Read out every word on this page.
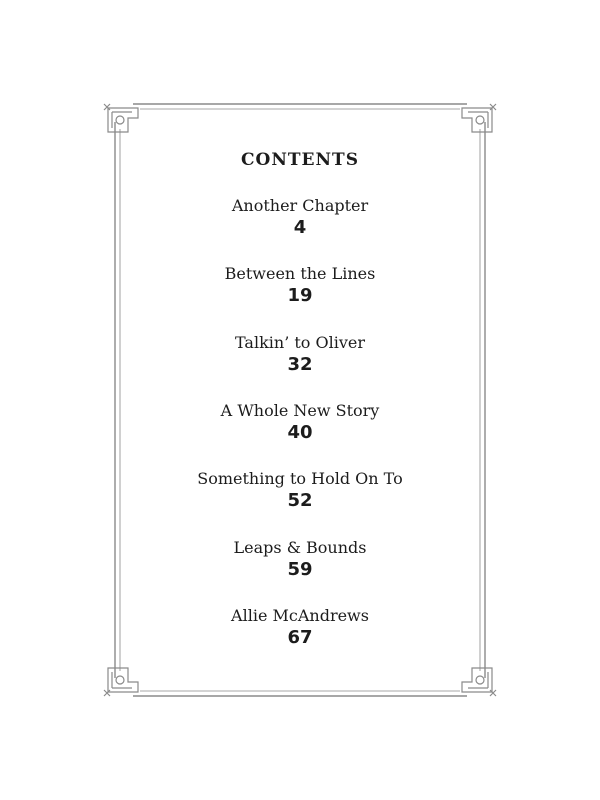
CONTENTS
Another Chapter
4
Between the Lines
19
Talkin’ to Oliver
32
A Whole New Story
40
Something to Hold On To
52
Leaps & Bounds
59
Allie McAndrews
67
